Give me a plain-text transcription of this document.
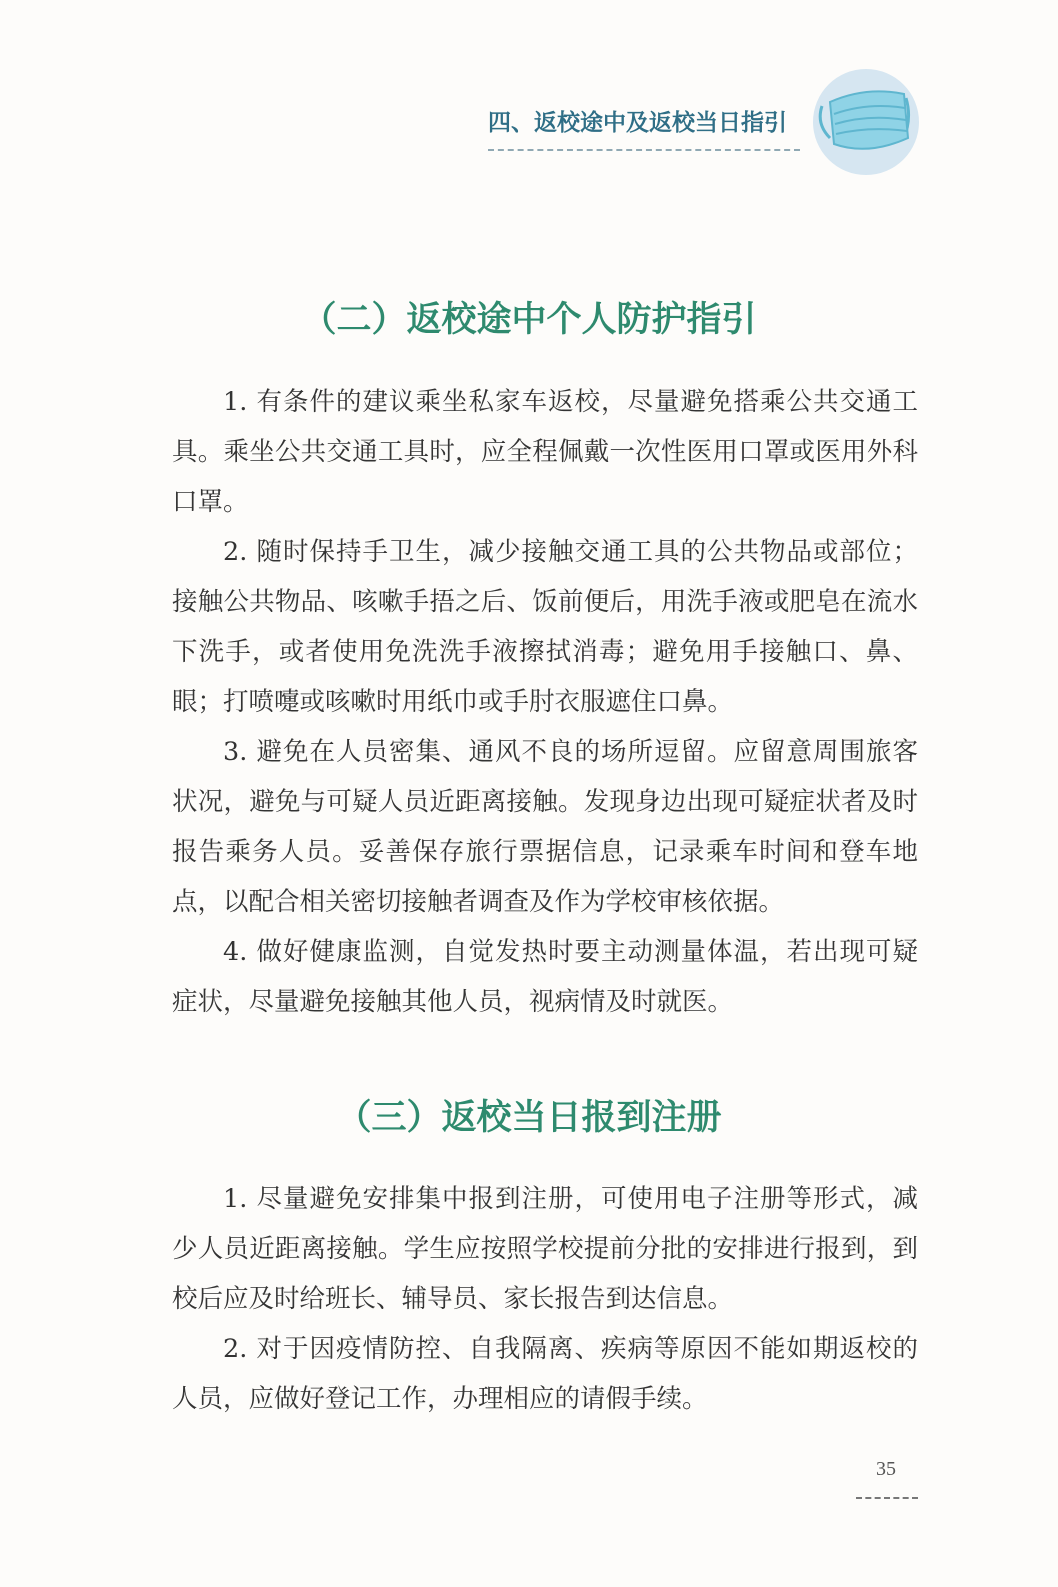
四、返校途中及返校当日指引
（二）返校途中个人防护指引
1. 有条件的建议乘坐私家车返校，尽量避免搭乘公共交通工具。乘坐公共交通工具时，应全程佩戴一次性医用口罩或医用外科口罩。
2. 随时保持手卫生，减少接触交通工具的公共物品或部位；接触公共物品、咳嗽手捂之后、饭前便后，用洗手液或肥皂在流水下洗手，或者使用免洗洗手液擦拭消毒；避免用手接触口、鼻、眼；打喷嚏或咳嗽时用纸巾或手肘衣服遮住口鼻。
3. 避免在人员密集、通风不良的场所逗留。应留意周围旅客状况，避免与可疑人员近距离接触。发现身边出现可疑症状者及时报告乘务人员。妥善保存旅行票据信息，记录乘车时间和登车地点，以配合相关密切接触者调查及作为学校审核依据。
4. 做好健康监测，自觉发热时要主动测量体温，若出现可疑症状，尽量避免接触其他人员，视病情及时就医。
（三）返校当日报到注册
1. 尽量避免安排集中报到注册，可使用电子注册等形式，减少人员近距离接触。学生应按照学校提前分批的安排进行报到，到校后应及时给班长、辅导员、家长报告到达信息。
2. 对于因疫情防控、自我隔离、疾病等原因不能如期返校的人员，应做好登记工作，办理相应的请假手续。
35
